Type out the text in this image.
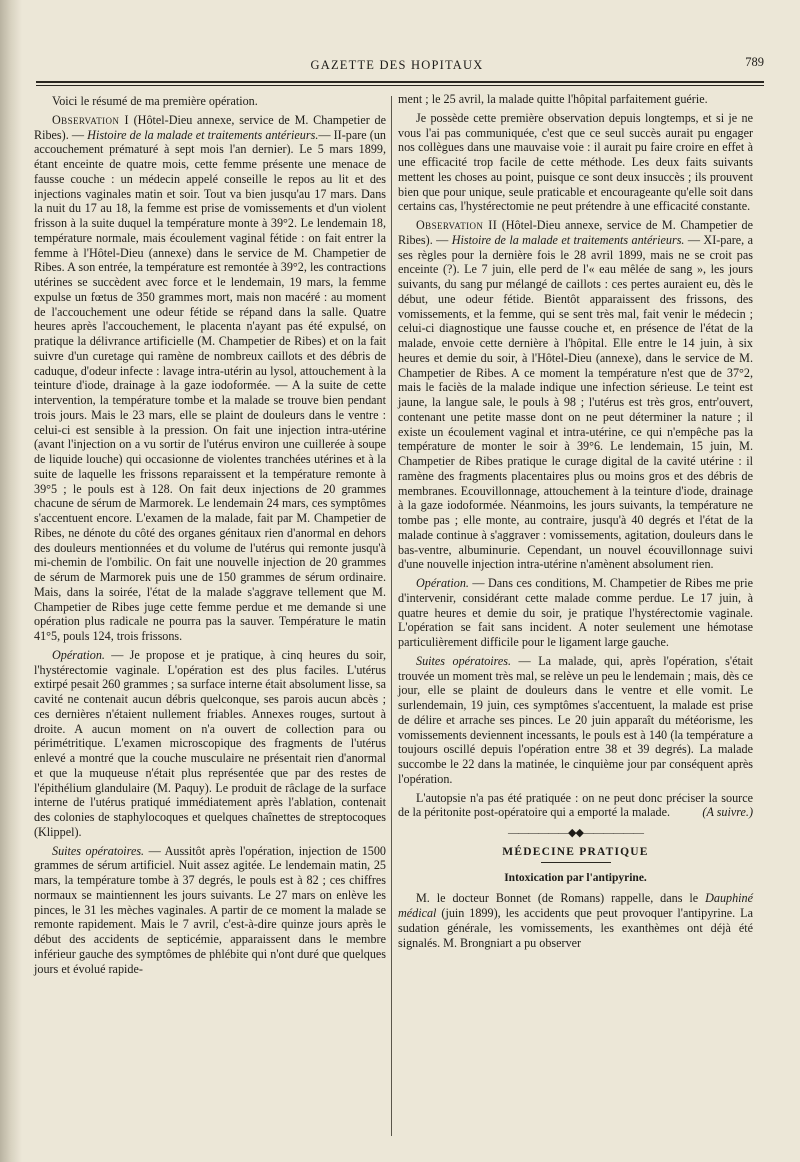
GAZETTE DES HOPITAUX	789

Voici le résumé de ma première opération.

Observation I (Hôtel-Dieu annexe, service de M. Champetier de Ribes). — Histoire de la malade et traitements antérieurs.— II-pare (un accouchement prématuré à sept mois l'an dernier). Le 5 mars 1899, étant enceinte de quatre mois, cette femme présente une menace de fausse couche : un médecin appelé conseille le repos au lit et des injections vaginales matin et soir. Tout va bien jusqu'au 17 mars. Dans la nuit du 17 au 18, la femme est prise de vomissements et d'un violent frisson à la suite duquel la température monte à 39°2. Le lendemain 18, température normale, mais écoulement vaginal fétide : on fait entrer la femme à l'Hôtel-Dieu (annexe) dans le service de M. Champetier de Ribes. A son entrée, la température est remontée à 39°2, les contractions utérines se succèdent avec force et le lendemain, 19 mars, la femme expulse un fœtus de 350 grammes mort, mais non macéré : au moment de l'accouchement une odeur fétide se répand dans la salle. Quatre heures après l'accouchement, le placenta n'ayant pas été expulsé, on pratique la délivrance artificielle (M. Champetier de Ribes) et on la fait suivre d'un curetage qui ramène de nombreux caillots et des débris de caduque, d'odeur infecte : lavage intra-utérin au lysol, attouchement à la teinture d'iode, drainage à la gaze iodoformée. — A la suite de cette intervention, la température tombe et la malade se trouve bien pendant trois jours. Mais le 23 mars, elle se plaint de douleurs dans le ventre : celui-ci est sensible à la pression. On fait une injection intra-utérine (avant l'injection on a vu sortir de l'utérus environ une cuillerée à soupe de liquide louche) qui occasionne de violentes tranchées utérines et à la suite de laquelle les frissons reparaissent et la température remonte à 39°5 ; le pouls est à 128. On fait deux injections de 20 grammes chacune de sérum de Marmorek. Le lendemain 24 mars, ces symptômes s'accentuent encore. L'examen de la malade, fait par M. Champetier de Ribes, ne dénote du côté des organes génitaux rien d'anormal en dehors des douleurs mentionnées et du volume de l'utérus qui remonte jusqu'à mi-chemin de l'ombilic. On fait une nouvelle injection de 20 grammes de sérum de Marmorek puis une de 150 grammes de sérum ordinaire. Mais, dans la soirée, l'état de la malade s'aggrave tellement que M. Champetier de Ribes juge cette femme perdue et me demande si une opération plus radicale ne pourra pas la sauver. Température le matin 41°5, pouls 124, trois frissons.

Opération. — Je propose et je pratique, à cinq heures du soir, l'hystérectomie vaginale. L'opération est des plus faciles. L'utérus extirpé pesait 260 grammes ; sa surface interne était absolument lisse, sa cavité ne contenait aucun débris quelconque, ses parois aucun abcès ; ces dernières n'étaient nullement friables. Annexes rouges, surtout à droite. A aucun moment on n'a ouvert de collection para ou périmétritique. L'examen microscopique des fragments de l'utérus enlevé a montré que la couche musculaire ne présentait rien d'anormal et que la muqueuse n'était plus représentée que par des restes de l'épithélium glandulaire (M. Paquy). Le produit de râclage de la surface interne de l'utérus pratiqué immédiatement après l'ablation, contenait des colonies de staphylocoques et quelques chaînettes de streptocoques (Klippel).

Suites opératoires. — Aussitôt après l'opération, injection de 1500 grammes de sérum artificiel. Nuit assez agitée. Le lendemain matin, 25 mars, la température tombe à 37 degrés, le pouls est à 82 ; ces chiffres normaux se maintiennent les jours suivants. Le 27 mars on enlève les pinces, le 31 les mèches vaginales. A partir de ce moment la malade se remonte rapidement. Mais le 7 avril, c'est-à-dire quinze jours après le début des accidents de septicémie, apparaissent dans le membre inférieur gauche des symptômes de phlébite qui n'ont duré que quelques jours et évolué rapide-

ment ; le 25 avril, la malade quitte l'hôpital parfaitement guérie.

Je possède cette première observation depuis longtemps, et si je ne vous l'ai pas communiquée, c'est que ce seul succès aurait pu engager nos collègues dans une mauvaise voie : il aurait pu faire croire en effet à une efficacité trop facile de cette méthode. Les deux faits suivants mettent les choses au point, puisque ce sont deux insuccès ; ils prouvent bien que pour unique, seule praticable et encourageante qu'elle soit dans certains cas, l'hystérectomie ne peut prétendre à une efficacité constante.

Observation II (Hôtel-Dieu annexe, service de M. Champetier de Ribes). — Histoire de la malade et traitements antérieurs. — XI-pare, a ses règles pour la dernière fois le 28 avril 1899, mais ne se croit pas enceinte (?). Le 7 juin, elle perd de l'« eau mêlée de sang », les jours suivants, du sang pur mélangé de caillots : ces pertes auraient eu, dès le début, une odeur fétide. Bientôt apparaissent des frissons, des vomissements, et la femme, qui se sent très mal, fait venir le médecin ; celui-ci diagnostique une fausse couche et, en présence de l'état de la malade, envoie cette dernière à l'hôpital. Elle entre le 14 juin, à six heures et demie du soir, à l'Hôtel-Dieu (annexe), dans le service de M. Champetier de Ribes. A ce moment la température n'est que de 37°2, mais le faciès de la malade indique une infection sérieuse. Le teint est jaune, la langue sale, le pouls à 98 ; l'utérus est très gros, entr'ouvert, contenant une petite masse dont on ne peut déterminer la nature ; il existe un écoulement vaginal et intra-utérine, ce qui n'empêche pas la température de monter le soir à 39°6. Le lendemain, 15 juin, M. Champetier de Ribes pratique le curage digital de la cavité utérine : il ramène des fragments placentaires plus ou moins gros et des débris de membranes. Ecouvillonnage, attouchement à la teinture d'iode, drainage à la gaze iodoformée. Néanmoins, les jours suivants, la température ne tombe pas ; elle monte, au contraire, jusqu'à 40 degrés et l'état de la malade continue à s'aggraver : vomissements, agitation, douleurs dans le bas-ventre, albuminurie. Cependant, un nouvel écouvillonnage suivi d'une nouvelle injection intra-utérine n'amènent absolument rien.

Opération. — Dans ces conditions, M. Champetier de Ribes me prie d'intervenir, considérant cette malade comme perdue. Le 17 juin, à quatre heures et demie du soir, je pratique l'hystérectomie vaginale. L'opération se fait sans incident. A noter seulement une hémotase particulièrement difficile pour le ligament large gauche.

Suites opératoires. — La malade, qui, après l'opération, s'était trouvée un moment très mal, se relève un peu le lendemain ; mais, dès ce jour, elle se plaint de douleurs dans le ventre et elle vomit. Le surlendemain, 19 juin, ces symptômes s'accentuent, la malade est prise de délire et arrache ses pinces. Le 20 juin apparaît du météorisme, les vomissements deviennent incessants, le pouls est à 140 (la température a toujours oscillé depuis l'opération entre 38 et 39 degrés). La malade succombe le 22 dans la matinée, le cinquième jour par conséquent après l'opération.

L'autopsie n'a pas été pratiquée : on ne peut donc préciser la source de la péritonite post-opératoire qui a emporté la malade.	(A suivre.)

——————◆◆——————
MÉDECINE PRATIQUE
Intoxication par l'antipyrine.

M. le docteur Bonnet (de Romans) rappelle, dans le Dauphiné médical (juin 1899), les accidents que peut provoquer l'antipyrine. La sudation générale, les vomissements, les exanthèmes ont déjà été signalés. M. Brongniart a pu observer
